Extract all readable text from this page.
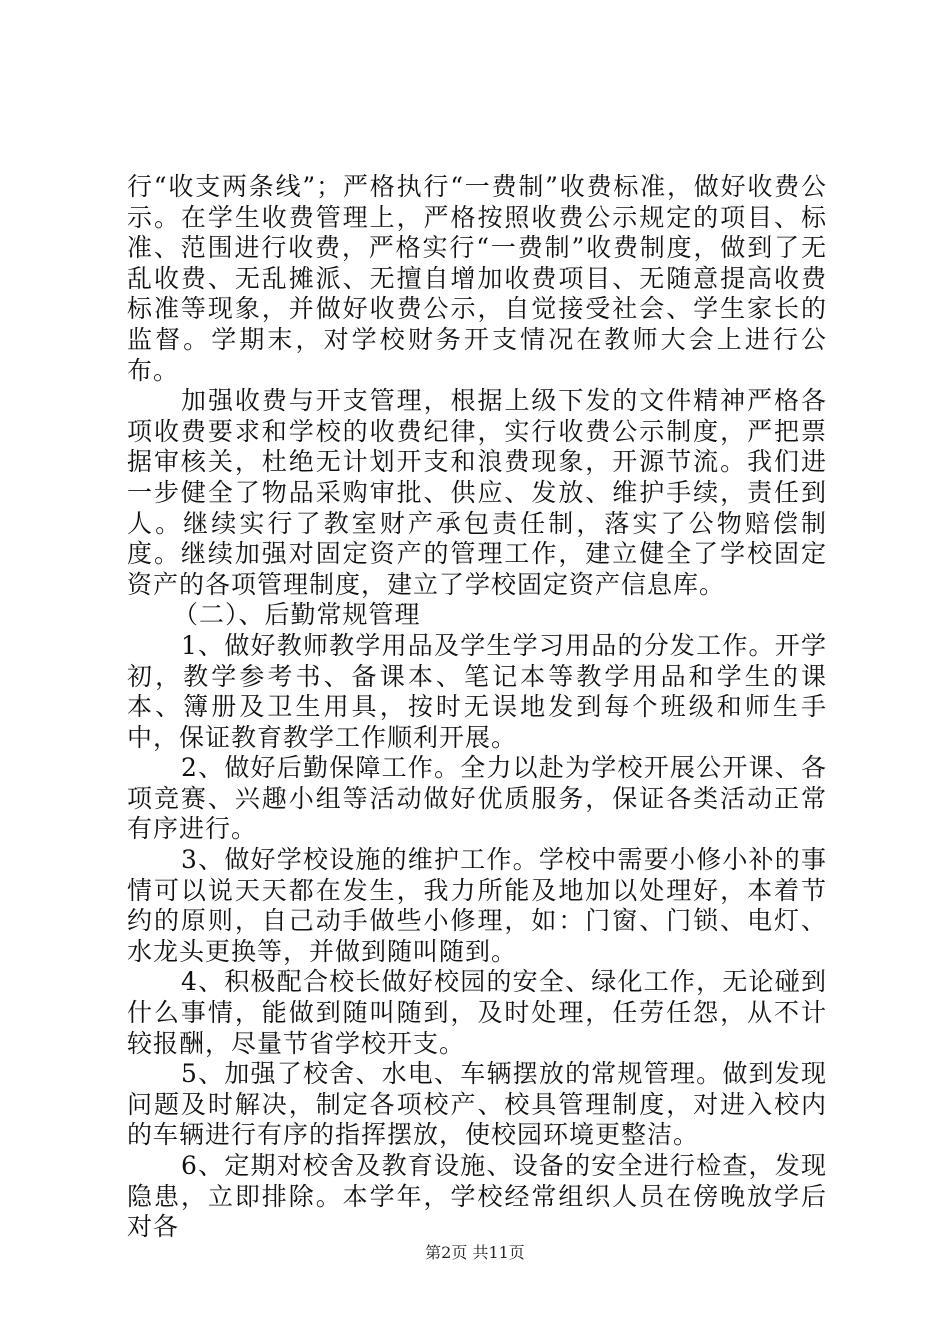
行“收支两条线”；严格执行“一费制”收费标准，做好收费公示。在学生收费管理上，严格按照收费公示规定的项目、标准、范围进行收费，严格实行“一费制”收费制度，做到了无乱收费、无乱摊派、无擅自增加收费项目、无随意提高收费标准等现象，并做好收费公示，自觉接受社会、学生家长的监督。学期末，对学校财务开支情况在教师大会上进行公布。

加强收费与开支管理，根据上级下发的文件精神严格各项收费要求和学校的收费纪律，实行收费公示制度，严把票据审核关，杜绝无计划开支和浪费现象，开源节流。我们进一步健全了物品采购审批、供应、发放、维护手续，责任到人。继续实行了教室财产承包责任制，落实了公物赔偿制度。继续加强对固定资产的管理工作，建立健全了学校固定资产的各项管理制度，建立了学校固定资产信息库。

（二）、后勤常规管理

1、做好教师教学用品及学生学习用品的分发工作。开学初，教学参考书、备课本、笔记本等教学用品和学生的课本、簿册及卫生用具，按时无误地发到每个班级和师生手中，保证教育教学工作顺利开展。

2、做好后勤保障工作。全力以赴为学校开展公开课、各项竞赛、兴趣小组等活动做好优质服务，保证各类活动正常有序进行。

3、做好学校设施的维护工作。学校中需要小修小补的事情可以说天天都在发生，我力所能及地加以处理好，本着节约的原则，自己动手做些小修理，如：门窗、门锁、电灯、水龙头更换等，并做到随叫随到。

4、积极配合校长做好校园的安全、绿化工作，无论碰到什么事情，能做到随叫随到，及时处理，任劳任怨，从不计较报酬，尽量节省学校开支。

5、加强了校舍、水电、车辆摆放的常规管理。做到发现问题及时解决，制定各项校产、校具管理制度，对进入校内的车辆进行有序的指挥摆放，使校园环境更整洁。

6、定期对校舍及教育设施、设备的安全进行检查，发现隐患，立即排除。本学年，学校经常组织人员在傍晚放学后对各

第2页 共11页
